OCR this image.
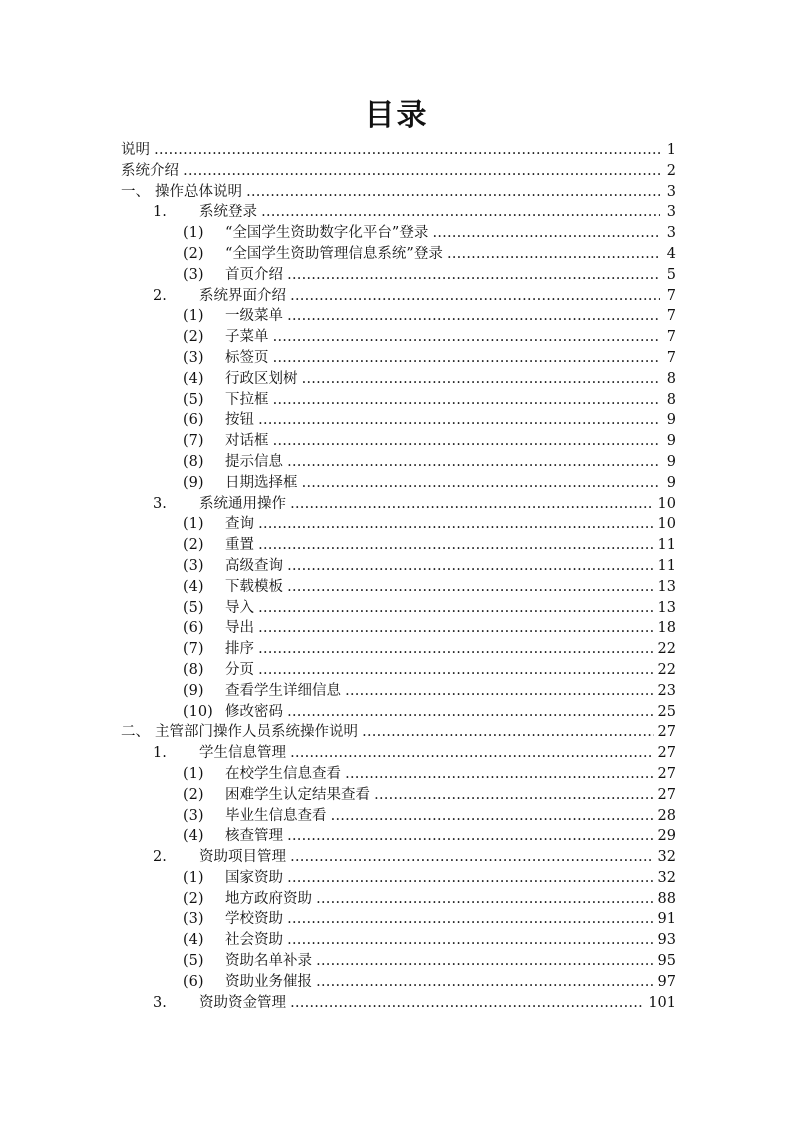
目录
说明 ……………………………………………………………………………………………………………………………………………………………	1
系统介绍 ……………………………………………………………………………………………………………………………………………………………	2
一、 操作总体说明 ……………………………………………………………………………………………………………………………………………………………	3
1.	系统登录 ……………………………………………………………………………………………………………………………………………………………	3
(1)	“全国学生资助数字化平台”登录 ……………………………………………………………………………………………………………………………………………………………	3
(2)	“全国学生资助管理信息系统”登录 ……………………………………………………………………………………………………………………………………………………………	4
(3)	首页介绍 ……………………………………………………………………………………………………………………………………………………………	5
2.	系统界面介绍 ……………………………………………………………………………………………………………………………………………………………	7
(1)	一级菜单 ……………………………………………………………………………………………………………………………………………………………	7
(2)	子菜单 ……………………………………………………………………………………………………………………………………………………………	7
(3)	标签页 ……………………………………………………………………………………………………………………………………………………………	7
(4)	行政区划树 ……………………………………………………………………………………………………………………………………………………………	8
(5)	下拉框 ……………………………………………………………………………………………………………………………………………………………	8
(6)	按钮 ……………………………………………………………………………………………………………………………………………………………	9
(7)	对话框 ……………………………………………………………………………………………………………………………………………………………	9
(8)	提示信息 ……………………………………………………………………………………………………………………………………………………………	9
(9)	日期选择框 ……………………………………………………………………………………………………………………………………………………………	9
3.	系统通用操作 ……………………………………………………………………………………………………………………………………………………………	10
(1)	查询 ……………………………………………………………………………………………………………………………………………………………	10
(2)	重置 ……………………………………………………………………………………………………………………………………………………………	11
(3)	高级查询 ……………………………………………………………………………………………………………………………………………………………	11
(4)	下载模板 ……………………………………………………………………………………………………………………………………………………………	13
(5)	导入 ……………………………………………………………………………………………………………………………………………………………	13
(6)	导出 ……………………………………………………………………………………………………………………………………………………………	18
(7)	排序 ……………………………………………………………………………………………………………………………………………………………	22
(8)	分页 ……………………………………………………………………………………………………………………………………………………………	22
(9)	查看学生详细信息 ……………………………………………………………………………………………………………………………………………………………	23
(10) 修改密码 ……………………………………………………………………………………………………………………………………………………………	25
二、 主管部门操作人员系统操作说明 ……………………………………………………………………………………………………………………………………………………………	27
1.	学生信息管理 ……………………………………………………………………………………………………………………………………………………………	27
(1)	在校学生信息查看 ……………………………………………………………………………………………………………………………………………………………	27
(2)	困难学生认定结果查看 ……………………………………………………………………………………………………………………………………………………………	27
(3)	毕业生信息查看 ……………………………………………………………………………………………………………………………………………………………	28
(4)	核查管理 ……………………………………………………………………………………………………………………………………………………………	29
2.	资助项目管理 ……………………………………………………………………………………………………………………………………………………………	32
(1)	国家资助 ……………………………………………………………………………………………………………………………………………………………	32
(2)	地方政府资助 ……………………………………………………………………………………………………………………………………………………………	88
(3)	学校资助 ……………………………………………………………………………………………………………………………………………………………	91
(4)	社会资助 ……………………………………………………………………………………………………………………………………………………………	93
(5)	资助名单补录 ……………………………………………………………………………………………………………………………………………………………	95
(6)	资助业务催报 ……………………………………………………………………………………………………………………………………………………………	97
3.	资助资金管理 ……………………………………………………………………………………………………………………………………………………………	101
